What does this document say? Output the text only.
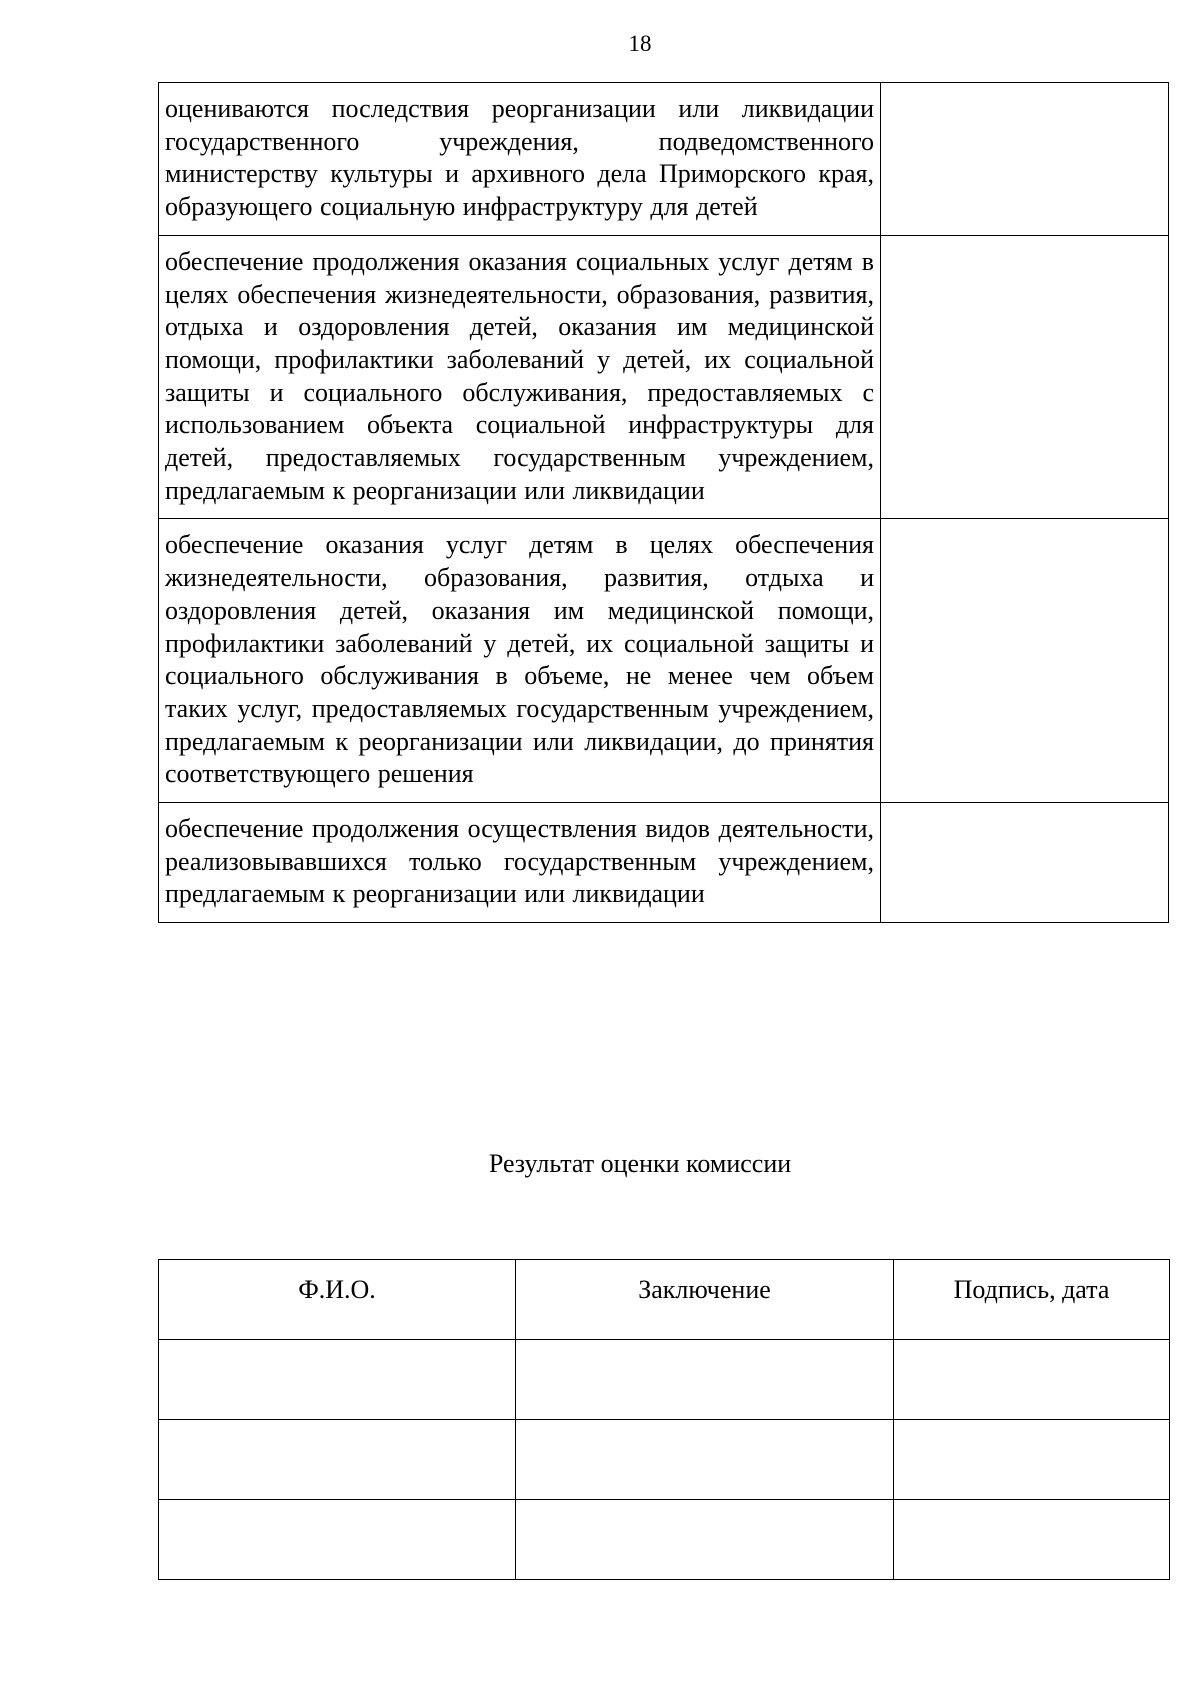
18
оцениваются последствия реорганизации или ликвидации государственного учреждения, подведомственного министерству культуры и архивного дела Приморского края, образующего социальную инфраструктуру для детей	

обеспечение продолжения оказания социальных услуг детям в целях обеспечения жизнедеятельности, образования, развития, отдыха и оздоровления детей, оказания им медицинской помощи, профилактики заболеваний у детей, их социальной защиты и социального обслуживания, предоставляемых с использованием объекта социальной инфраструктуры для детей, предоставляемых государственным учреждением, предлагаемым к реорганизации или ликвидации	

обеспечение оказания услуг детям в целях обеспечения жизнедеятельности, образования, развития, отдыха и оздоровления детей, оказания им медицинской помощи, профилактики заболеваний у детей, их социальной защиты и социального обслуживания в объеме, не менее чем объем таких услуг, предоставляемых государственным учреждением, предлагаемым к реорганизации или ликвидации, до принятия соответствующего решения	

обеспечение продолжения осуществления видов деятельности, реализовывавшихся только государственным учреждением, предлагаемым к реорганизации или ликвидации	

Результат оценки комиссии
Ф.И.О.	Заключение	Подпись, дата
